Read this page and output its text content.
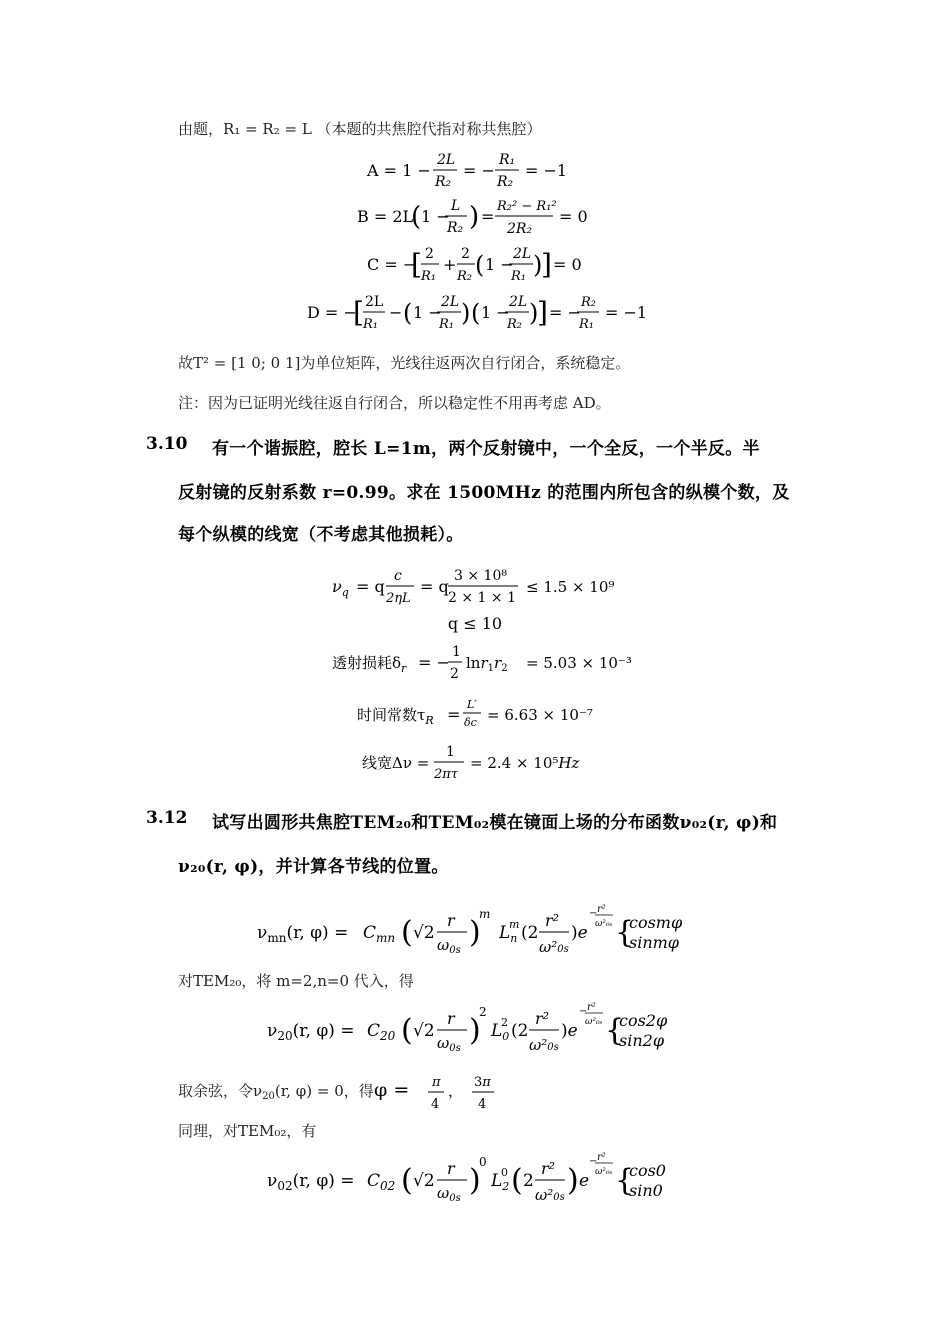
由题，R₁ = R₂ = L （本题的共焦腔代指对称共焦腔）
A = 1 −
2L
R₂
= −
R₁
R₂
= −1
B = 2L
( 1 −
L
R₂ ) =
R₂² − R₁²
2R₂
= 0
C = −
[ 2
R₁
+
2
R₂ ( 1 −
2L
R₁ )
] = 0
D = −
[ 2L
R₁
− ( 1 −
2L
R₁ ) ( 1 −
2L
R₂ )
] = −
R₂
R₁
= −1
故T² = [1 0; 0 1]为单位矩阵，光线往返两次自行闭合，系统稳定。
注：因为已证明光线往返自行闭合，所以稳定性不用再考虑 AD。
3.10 有一个谐振腔，腔长 L=1m，两个反射镜中，一个全反，一个半反。半
反射镜的反射系数 r=0.99。求在 1500MHz 的范围内所包含的纵模个数，及
每个纵模的线宽（不考虑其他损耗）。
$\nu_q = q$
c
2ηL
= q
3 × 10⁸
2 × 1 × 1
≤ 1.5 × 10⁹
q ≤ 10
透射损耗$\delta_r$ = −
1
2
$\ln r_1r_2 = 5.03 \times 10^{-3}$
时间常数$\tau_R$ =
L′
δc = 6.63 × 10⁻⁷
线宽Δν =
1
2πτ
= 2.4 × 10⁵Hz
3.12 试写出圆形共焦腔TEM₂₀和TEM₀₂模在镜面上场的分布函数ν₀₂(r, φ)和
ν₂₀(r, φ)，并计算各节线的位置。
$\nu_{mn}(r$, $\varphi) = C_{mn}$ ( √2
r
$\omega_{0s}$
)
m
$L_n$
m (2
r²
ω²0s
)e
− r²
ω²₀ₛ {
cosmφ
sinmφ
对TEM₂₀，将 m=2,n=0 代入，得
$\nu_{20}(r$, $\varphi) = C_{20}$ ( √2
r
$\omega_{0s}$
)
2
$L_0$
2 (2
r²
ω²0s
)e
− r²
ω²₀ₛ {
cos2φ
sin2φ
取余弦，令$\nu_{20}(r$, φ) = 0，得 φ = π
4
， 3π
4
同理，对TEM₀₂，有
$\nu_{02}(r$, $\varphi) = C_{02}$ ( √2
r
$\omega_{0s}$
)
0
$L_2$
0 ( 2
r²
ω²0s ) e
− r²
ω²₀ₛ {
cos0
sin0
